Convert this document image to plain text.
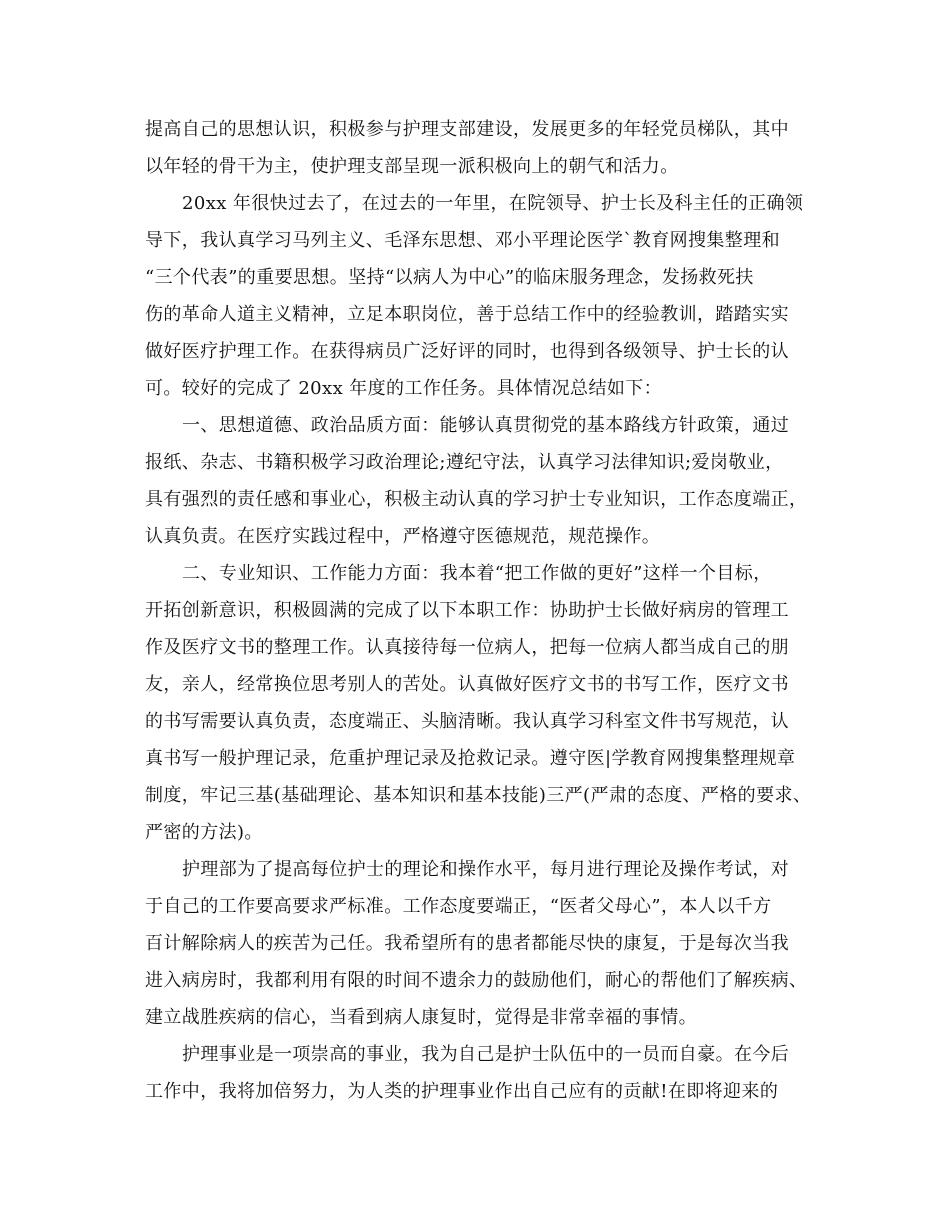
提高自己的思想认识，积极参与护理支部建设，发展更多的年轻党员梯队，其中
以年轻的骨干为主，使护理支部呈现一派积极向上的朝气和活力。
20xx 年很快过去了，在过去的一年里，在院领导、护士长及科主任的正确领
导下，我认真学习马列主义、毛泽东思想、邓小平理论医学`教育网搜集整理和
“三个代表”的重要思想。坚持“以病人为中心”的临床服务理念，发扬救死扶
伤的革命人道主义精神，立足本职岗位，善于总结工作中的经验教训，踏踏实实
做好医疗护理工作。在获得病员广泛好评的同时，也得到各级领导、护士长的认
可。较好的完成了 20xx 年度的工作任务。具体情况总结如下：
一、思想道德、政治品质方面：能够认真贯彻党的基本路线方针政策，通过
报纸、杂志、书籍积极学习政治理论;遵纪守法，认真学习法律知识;爱岗敬业，
具有强烈的责任感和事业心，积极主动认真的学习护士专业知识，工作态度端正，
认真负责。在医疗实践过程中，严格遵守医德规范，规范操作。
二、专业知识、工作能力方面：我本着“把工作做的更好”这样一个目标，
开拓创新意识，积极圆满的完成了以下本职工作：协助护士长做好病房的管理工
作及医疗文书的整理工作。认真接待每一位病人，把每一位病人都当成自己的朋
友，亲人，经常换位思考别人的苦处。认真做好医疗文书的书写工作，医疗文书
的书写需要认真负责，态度端正、头脑清晰。我认真学习科室文件书写规范，认
真书写一般护理记录，危重护理记录及抢救记录。遵守医|学教育网搜集整理规章
制度，牢记三基(基础理论、基本知识和基本技能)三严(严肃的态度、严格的要求、
严密的方法)。
护理部为了提高每位护士的理论和操作水平，每月进行理论及操作考试，对
于自己的工作要高要求严标准。工作态度要端正，“医者父母心”，本人以千方
百计解除病人的疾苦为己任。我希望所有的患者都能尽快的康复，于是每次当我
进入病房时，我都利用有限的时间不遗余力的鼓励他们，耐心的帮他们了解疾病、
建立战胜疾病的信心，当看到病人康复时，觉得是非常幸福的事情。
护理事业是一项崇高的事业，我为自己是护士队伍中的一员而自豪。在今后
工作中，我将加倍努力，为人类的护理事业作出自己应有的贡献!在即将迎来的
